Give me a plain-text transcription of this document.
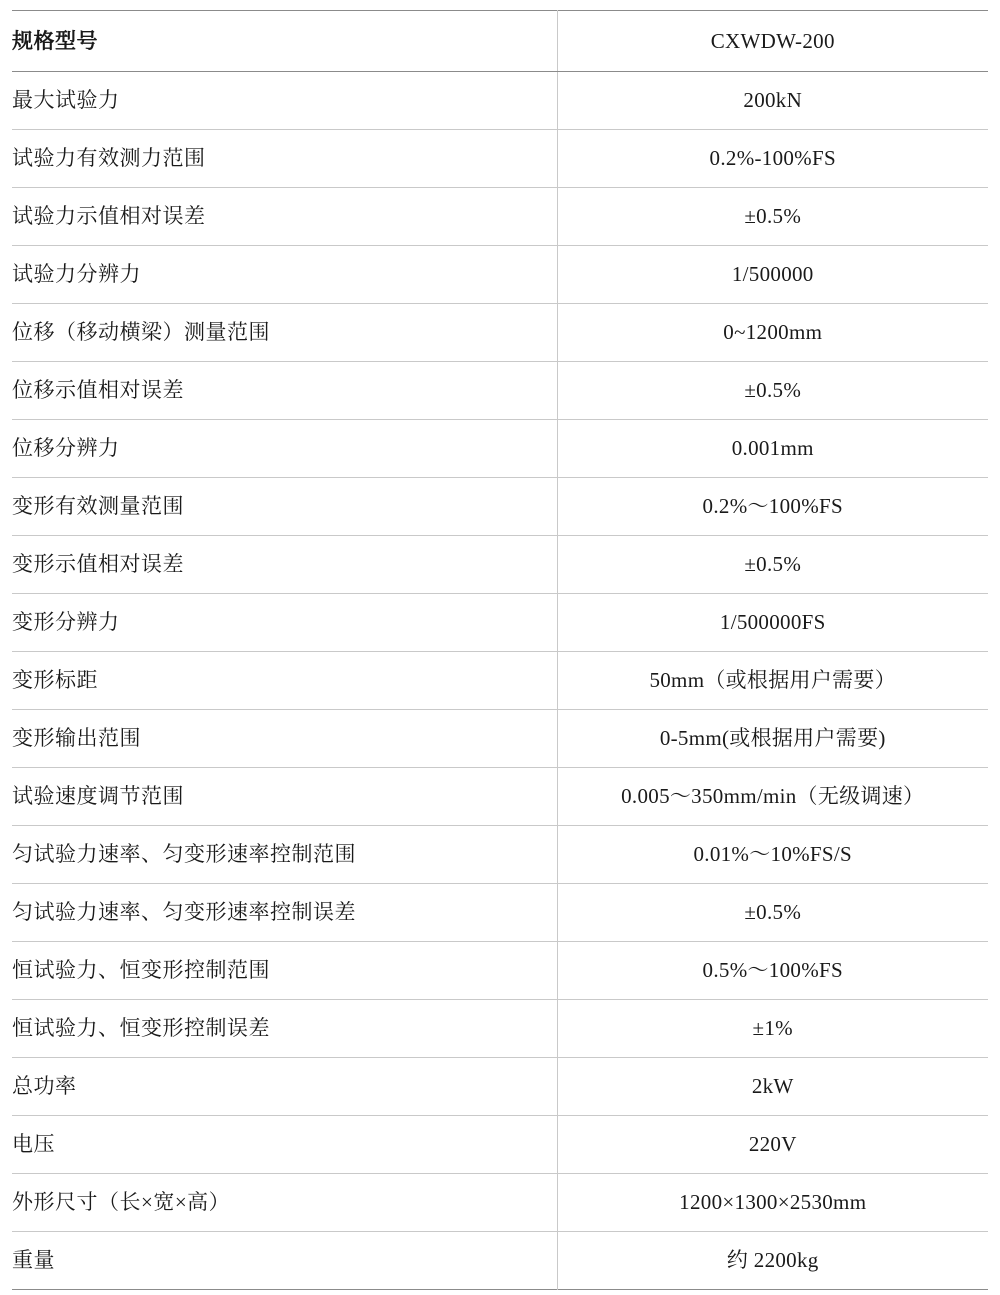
规格型号	CXWDW-200
最大试验力	200kN
试验力有效测力范围	0.2%-100%FS
试验力示值相对误差	±0.5%
试验力分辨力	1/500000
位移（移动横梁）测量范围	0~1200mm
位移示值相对误差	±0.5%
位移分辨力	0.001mm
变形有效测量范围	0.2%～100%FS
变形示值相对误差	±0.5%
变形分辨力	1/500000FS
变形标距	50mm（或根据用户需要）
变形输出范围	0-5mm(或根据用户需要)
试验速度调节范围	0.005～350mm/min（无级调速）
匀试验力速率、匀变形速率控制范围	0.01%～10%FS/S
匀试验力速率、匀变形速率控制误差	±0.5%
恒试验力、恒变形控制范围	0.5%～100%FS
恒试验力、恒变形控制误差	±1%
总功率	2kW
电压	220V
外形尺寸（长×宽×高）	1200×1300×2530mm
重量	约 2200kg
